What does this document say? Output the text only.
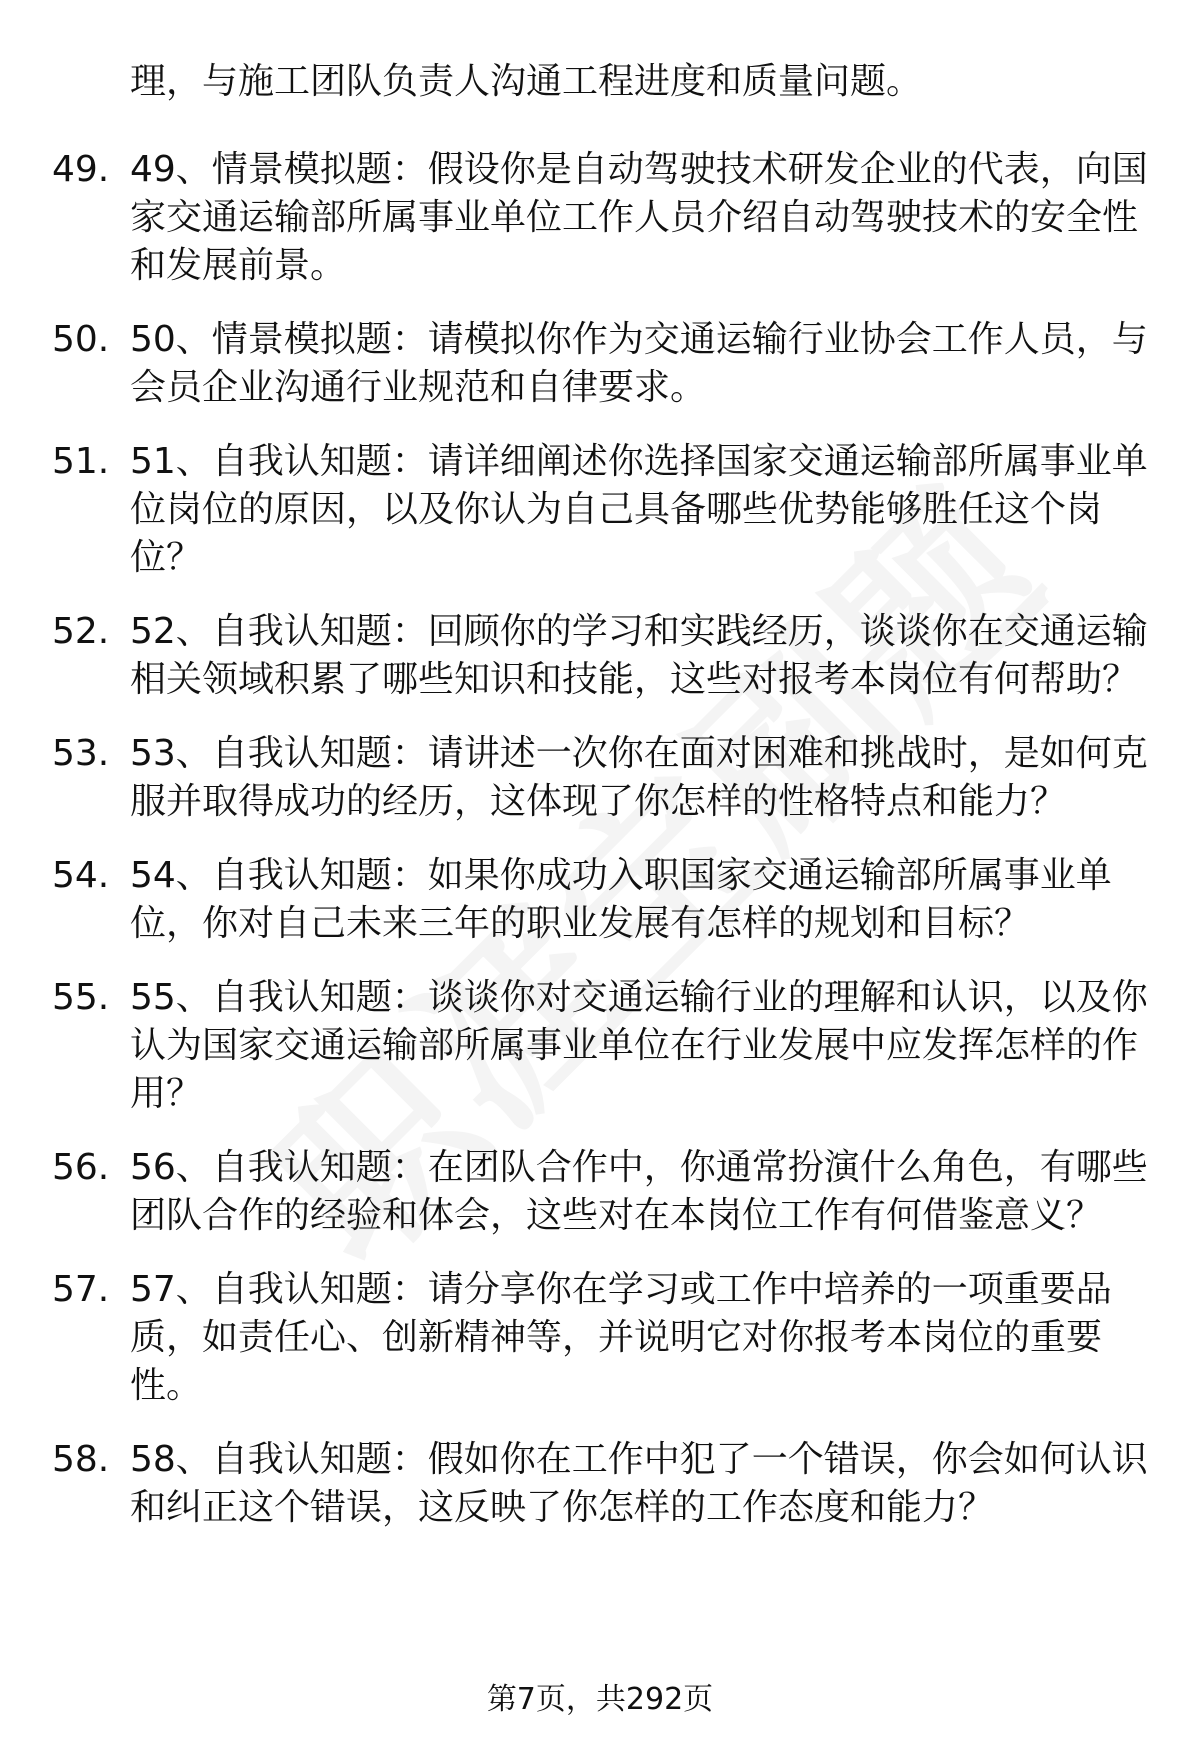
理，与施工团队负责人沟通工程进度和质量问题。

49. 49、情景模拟题：假设你是自动驾驶技术研发企业的代表，向国家交通运输部所属事业单位工作人员介绍自动驾驶技术的安全性和发展前景。
50. 50、情景模拟题：请模拟你作为交通运输行业协会工作人员，与会员企业沟通行业规范和自律要求。
51. 51、自我认知题：请详细阐述你选择国家交通运输部所属事业单位岗位的原因，以及你认为自己具备哪些优势能够胜任这个岗位？
52. 52、自我认知题：回顾你的学习和实践经历，谈谈你在交通运输相关领域积累了哪些知识和技能，这些对报考本岗位有何帮助？
53. 53、自我认知题：请讲述一次你在面对困难和挑战时，是如何克服并取得成功的经历，这体现了你怎样的性格特点和能力？
54. 54、自我认知题：如果你成功入职国家交通运输部所属事业单位，你对自己未来三年的职业发展有怎样的规划和目标？
55. 55、自我认知题：谈谈你对交通运输行业的理解和认识，以及你认为国家交通运输部所属事业单位在行业发展中应发挥怎样的作用？
56. 56、自我认知题：在团队合作中，你通常扮演什么角色，有哪些团队合作的经验和体会，这些对在本岗位工作有何借鉴意义？
57. 57、自我认知题：请分享你在学习或工作中培养的一项重要品质，如责任心、创新精神等，并说明它对你报考本岗位的重要性。
58. 58、自我认知题：假如你在工作中犯了一个错误，你会如何认识和纠正这个错误，这反映了你怎样的工作态度和能力？
第7页，共292页
